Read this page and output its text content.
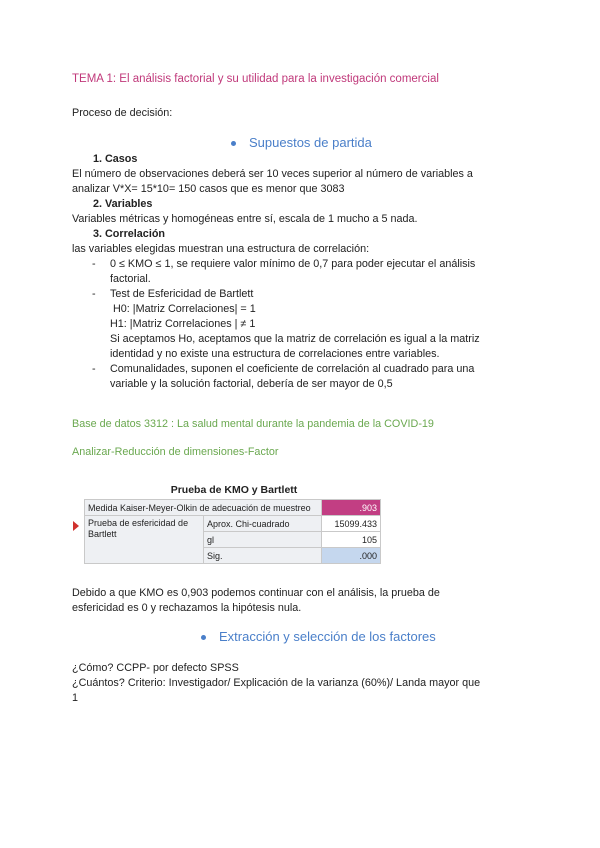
TEMA 1: El análisis factorial y su utilidad para la investigación comercial
Proceso de decisión:
Supuestos de partida
1. Casos
El número de observaciones deberá ser 10 veces superior al número de variables a
analizar V*X= 15*10= 150 casos que es menor que 3083
2. Variables
Variables métricas y homogéneas entre sí, escala de 1 mucho a 5 nada.
3. Correlación
las variables elegidas muestran una estructura de correlación:
- 0 ≤ KMO ≤ 1, se requiere valor mínimo de 0,7 para poder ejecutar el análisis
factorial.
- Test de Esfericidad de Bartlett
H0: |Matriz Correlaciones| = 1
H1: |Matriz Correlaciones | ≠ 1
Si aceptamos Ho, aceptamos que la matriz de correlación es igual a la matriz
identidad y no existe una estructura de correlaciones entre variables.
- Comunalidades, suponen el coeficiente de correlación al cuadrado para una
variable y la solución factorial, debería de ser mayor de 0,5
Base de datos 3312 : La salud mental durante la pandemia de la COVID-19
Analizar-Reducción de dimensiones-Factor
Prueba de KMO y Bartlett
Medida Kaiser-Meyer-Olkin de adecuación de muestreo		.903
Prueba de esfericidad de Bartlett	Aprox. Chi-cuadrado	15099.433
	gl	105
	Sig.	.000
Debido a que KMO es 0,903 podemos continuar con el análisis, la prueba de
esfericidad es 0 y rechazamos la hipótesis nula.
Extracción y selección de los factores
¿Cómo? CCPP- por defecto SPSS
¿Cuántos? Criterio: Investigador/ Explicación de la varianza (60%)/ Landa mayor que
1
